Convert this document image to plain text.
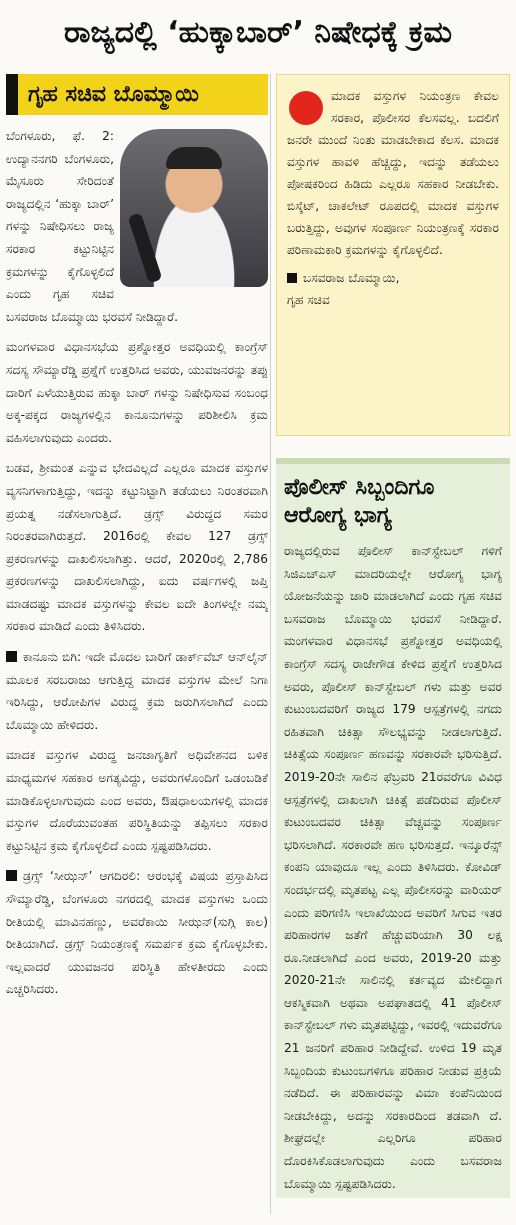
ರಾಜ್ಯದಲ್ಲಿ ‘ಹುಕ್ಕಾಬಾರ್’ ನಿಷೇಧಕ್ಕೆ ಕ್ರಮ
ಗೃಹ ಸಚಿವ ಬೊಮ್ಮಾಯಿ

ಬೆಂಗಳೂರು, ಫೆ. 2: ಉದ್ಯಾನನಗರಿ ಬೆಂಗಳೂರು, ಮೈಸೂರು ಸೇರಿದಂತೆ ರಾಜ್ಯದಲ್ಲಿನ ‘ಹುಕ್ಕಾ ಬಾರ್’ ಗಳನ್ನು ನಿಷೇಧಿಸಲು ರಾಜ್ಯ ಸರಕಾರ ಕಟ್ಟುನಿಟ್ಟಿನ ಕ್ರಮಗಳನ್ನು ಕೈಗೊಳ್ಳಲಿದೆ ಎಂದು ಗೃಹ ಸಚಿವ ಬಸವರಾಜ ಬೊಮ್ಮಾಯಿ ಭರವಸೆ ನೀಡಿದ್ದಾರೆ.

ಮಂಗಳವಾರ ವಿಧಾನಸಭೆಯ ಪ್ರಶ್ನೋತ್ತರ ಅವಧಿಯಲ್ಲಿ ಕಾಂಗ್ರೆಸ್ ಸದಸ್ಯ ಸೌಮ್ಯಾರೆಡ್ಡಿ ಪ್ರಶ್ನೆಗೆ ಉತ್ತರಿಸಿದ ಅವರು, ಯುವಜನರನ್ನು ತಪ್ಪು ದಾರಿಗೆ ಎಳೆಯುತ್ತಿರುವ ಹುಕ್ಕಾ ಬಾರ್ ಗಳನ್ನು ನಿಷೇಧಿಸುವ ಸಂಬಂಧ ಅಕ್ಕ-ಪಕ್ಕದ ರಾಜ್ಯಗಳಲ್ಲಿನ ಕಾನೂನುಗಳನ್ನು ಪರಿಶೀಲಿಸಿ ಕ್ರಮ ವಹಿಸಲಾಗುವುದು ಎಂದರು.

ಬಡವ, ಶ್ರೀಮಂತ ಎನ್ನುವ ಭೇದವಿಲ್ಲದೆ ಎಲ್ಲರೂ ಮಾದಕ ವಸ್ತುಗಳ ವ್ಯಸನಿಗಳಾಗುತ್ತಿದ್ದು, ಇದನ್ನು ಕಟ್ಟುನಿಟ್ಟಾಗಿ ತಡೆಯಲು ನಿರಂತರವಾಗಿ ಪ್ರಯತ್ನ ನಡೆಸಲಾಗುತ್ತಿದೆ. ಡ್ರಗ್ಸ್ ವಿರುದ್ಧದ ಸಮರ ನಿರಂತರವಾಗಿರುತ್ತದೆ. 2016ರಲ್ಲಿ ಕೇವಲ 127 ಡ್ರಗ್ಸ್ ಪ್ರಕರಣಗಳನ್ನು ದಾಖಲಿಸಲಾಗಿತ್ತು. ಆದರೆ, 2020ರಲ್ಲಿ 2,786 ಪ್ರಕರಣಗಳನ್ನು ದಾಖಲಿಸಲಾಗಿದ್ದು, ಐದು ವರ್ಷಗಳಲ್ಲಿ ಜಪ್ತಿ ಮಾಡದಷ್ಟು ಮಾದಕ ವಸ್ತುಗಳನ್ನು ಕೇವಲ ಐದೇ ತಿಂಗಳಲ್ಲೇ ನಮ್ಮ ಸರಕಾರ ಮಾಡಿದೆ ಎಂದು ತಿಳಿಸಿದರು.

ಕಾನೂನು ಬಿಗಿ: ಇದೇ ಮೊದಲ ಬಾರಿಗೆ ಡಾರ್ಕ್‌ವೆಬ್ ಆನ್‌ಲೈನ್ ಮೂಲಕ ಸರಬರಾಜು ಆಗುತ್ತಿದ್ದ ಮಾದಕ ವಸ್ತುಗಳ ಮೇಲೆ ನಿಗಾ ಇರಿಸಿದ್ದು, ಆರೋಪಿಗಳ ವಿರುದ್ಧ ಕ್ರಮ ಜರುಗಿಸಲಾಗಿದೆ ಎಂದು ಬೊಮ್ಮಾಯಿ ಹೇಳಿದರು.

ಮಾದಕ ವಸ್ತುಗಳ ವಿರುದ್ಧ ಜನಜಾಗೃತಿಗೆ ಅಧಿವೇಶನದ ಬಳಿಕ ಮಾಧ್ಯಮಗಳ ಸಹಕಾರ ಅಗತ್ಯವಿದ್ದು, ಅವರುಗಳೊಂದಿಗೆ ಒಡಂಬಡಿಕೆ ಮಾಡಿಕೊಳ್ಳಲಾಗುವುದು ಎಂದ ಅವರು, ಔಷಧಾಲಯಗಳಲ್ಲಿ ಮಾದಕ ವಸ್ತುಗಳ ದೊರೆಯುವಂತಹ ಪರಿಸ್ಥಿತಿಯನ್ನು ತಪ್ಪಿಸಲು ಸರಕಾರ ಕಟ್ಟುನಿಟ್ಟಿನ ಕ್ರಮ ಕೈಗೊಳ್ಳಲಿದೆ ಎಂದು ಸ್ಪಷ್ಟಪಡಿಸಿದರು.

ಡ್ರಗ್ಸ್ ‘ಸೀಝನ್’ ಆಗದಿರಲಿ: ಆರಂಭಕ್ಕೆ ವಿಷಯ ಪ್ರಸ್ತಾಪಿಸಿದ ಸೌಮ್ಯಾರೆಡ್ಡಿ, ಬೆಂಗಳೂರು ನಗರದಲ್ಲಿ ಮಾದಕ ವಸ್ತುಗಳು ಒಂದು ರೀತಿಯಲ್ಲಿ ಮಾವಿನಹಣ್ಣು, ಅವರೆಕಾಯಿ ಸೀಝನ್(ಸುಗ್ಗಿ ಕಾಲ) ರೀತಿಯಾಗಿದೆ. ಡ್ರಗ್ಸ್ ನಿಯಂತ್ರಣಕ್ಕೆ ಸಮರ್ಪಕ ಕ್ರಮ ಕೈಗೊಳ್ಳಬೇಕು. ಇಲ್ಲವಾದರೆ ಯುವಜನರ ಪರಿಸ್ಥಿತಿ ಹೇಳತೀರದು ಎಂದು ಎಚ್ಚರಿಸಿದರು.

ಮಾದಕ ವಸ್ತುಗಳ ನಿಯಂತ್ರಣ ಕೇವಲ ಸರಕಾರ, ಪೊಲೀಸರ ಕೆಲಸವಲ್ಲ. ಬದಲಿಗೆ ಜನರೇ ಮುಂದೆ ನಿಂತು ಮಾಡಬೇಕಾದ ಕೆಲಸ. ಮಾದಕ ವಸ್ತುಗಳ ಹಾವಳಿ ಹೆಚ್ಚಿದ್ದು, ಇದನ್ನು ತಡೆಯಲು ಪೋಷಕರಿಂದ ಹಿಡಿದು ಎಲ್ಲರೂ ಸಹಕಾರ ನೀಡಬೇಕು. ಬಿಸ್ಕೆಟ್, ಚಾಕಲೇಟ್ ರೂಪದಲ್ಲಿ ಮಾದಕ ವಸ್ತುಗಳ ಬರುತ್ತಿದ್ದು, ಅವುಗಳ ಸಂಪೂರ್ಣ ನಿಯಂತ್ರಣಕ್ಕೆ ಸರಕಾರ ಪರಿಣಾಮಕಾರಿ ಕ್ರಮಗಳನ್ನು ಕೈಗೊಳ್ಳಲಿದೆ.

ಬಸವರಾಜ ಬೊಮ್ಮಾಯಿ,
ಗೃಹ ಸಚಿವ

ಪೊಲೀಸ್ ಸಿಬ್ಬಂದಿಗೂ ಆರೋಗ್ಯ ಭಾಗ್ಯ

ರಾಜ್ಯದಲ್ಲಿರುವ ಪೊಲೀಸ್ ಕಾನ್‌ಸ್ಟೇಬಲ್ ಗಳಿಗೆ ಸಿಜಿಎಚ್‌ಎಸ್ ಮಾದರಿಯಲ್ಲೇ ಆರೋಗ್ಯ ಭಾಗ್ಯ ಯೋಜನೆಯನ್ನು ಜಾರಿ ಮಾಡಲಾಗಿದೆ ಎಂದು ಗೃಹ ಸಚಿವ ಬಸವರಾಜ ಬೊಮ್ಮಾಯಿ ಭರವಸೆ ನೀಡಿದ್ದಾರೆ. ಮಂಗಳವಾರ ವಿಧಾನಸಭೆ ಪ್ರಶ್ನೋತ್ತರ ಅವಧಿಯಲ್ಲಿ ಕಾಂಗ್ರೆಸ್ ಸದಸ್ಯ ರಾಜೇಗೌಡ ಕೇಳಿದ ಪ್ರಶ್ನೆಗೆ ಉತ್ತರಿಸಿದ ಅವರು, ಪೊಲೀಸ್ ಕಾನ್‌ಸ್ಟೇಬಲ್ ಗಳು ಮತ್ತು ಅವರ ಕುಟುಂಬದವರಿಗೆ ರಾಜ್ಯದ 179 ಆಸ್ಪತ್ರೆಗಳಲ್ಲಿ ನಗದು ರಹಿತವಾಗಿ ಚಿಕಿತ್ಸಾ ಸೌಲಭ್ಯವನ್ನು ನೀಡಲಾಗುತ್ತಿದೆ. ಚಿಕಿತ್ಸೆಯ ಸಂಪೂರ್ಣ ಹಣವನ್ನು ಸರಕಾರವೇ ಭರಿಸುತ್ತಿದೆ. 2019-20ನೇ ಸಾಲಿನ ಫೆಬ್ರವರಿ 21ರವರೆಗೂ ವಿವಿಧ ಆಸ್ಪತ್ರೆಗಳಲ್ಲಿ ದಾಖಲಾಗಿ ಚಿಕಿತ್ಸೆ ಪಡೆದಿರುವ ಪೊಲೀಸ್ ಕುಟುಂಬದವರ ಚಿಕಿತ್ಸಾ ವೆಚ್ಚವನ್ನು ಸಂಪೂರ್ಣ ಭರಿಸಲಾಗಿದೆ. ಸರಕಾರವೇ ಹಣ ಭರಿಸುತ್ತದೆ. ಇನ್ಶೂರೆನ್ಸ್ ಕಂಪನಿ ಯಾವುದೂ ಇಲ್ಲ ಎಂದು ತಿಳಿಸಿದರು. ಕೋವಿಡ್ ಸಂದರ್ಭದಲ್ಲಿ ಮೃತಪಟ್ಟ ಎಲ್ಲ ಪೊಲೀಸರನ್ನು ವಾರಿಯರ್ ಎಂದು ಪರಿಗಣಿಸಿ ಇಲಾಖೆಯಿಂದ ಅವರಿಗೆ ಸಿಗುವ ಇತರ ಪರಿಹಾರಗಳ ಜತೆಗೆ ಹೆಚ್ಚುವರಿಯಾಗಿ 30 ಲಕ್ಷ ರೂ.ನೀಡಲಾಗಿದೆ ಎಂದ ಅವರು, 2019-20 ಮತ್ತು 2020-21ನೇ ಸಾಲಿನಲ್ಲಿ ಕರ್ತವ್ಯದ ಮೇಲಿದ್ದಾಗ ಆಕಸ್ಮಿಕವಾಗಿ ಅಥವಾ ಅಪಘಾತದಲ್ಲಿ 41 ಪೊಲೀಸ್ ಕಾನ್‌ಸ್ಟೇಬಲ್ ಗಳು ಮೃತಪಟ್ಟಿದ್ದು, ಇವರಲ್ಲಿ ಇದುವರೆಗೂ 21 ಜನರಿಗೆ ಪರಿಹಾರ ನೀಡಿದ್ದೇವೆ. ಉಳಿದ 19 ಮೃತ ಸಿಬ್ಬಂದಿಯ ಕುಟುಂಬಗಳಿಗೂ ಪರಿಹಾರ ನೀಡುವ ಪ್ರಕ್ರಿಯೆ ನಡೆದಿದೆ. ಈ ಪರಿಹಾರವನ್ನು ವಿಮಾ ಕಂಪೆನಿಯಿಂದ ನೀಡಬೇಕಿದ್ದು, ಅದನ್ನು ಸರಕಾರದಿಂದ ತಡವಾಗಿ ದೆ. ಶೀಘ್ರದಲ್ಲೇ ಎಲ್ಲರಿಗೂ ಪರಿಹಾರ ದೊರಕಿಸಿಕೊಡಲಾಗುವುದು ಎಂದು ಬಸವರಾಜ ಬೊಮ್ಮಾಯಿ ಸ್ಪಷ್ಟಪಡಿಸಿದರು.
